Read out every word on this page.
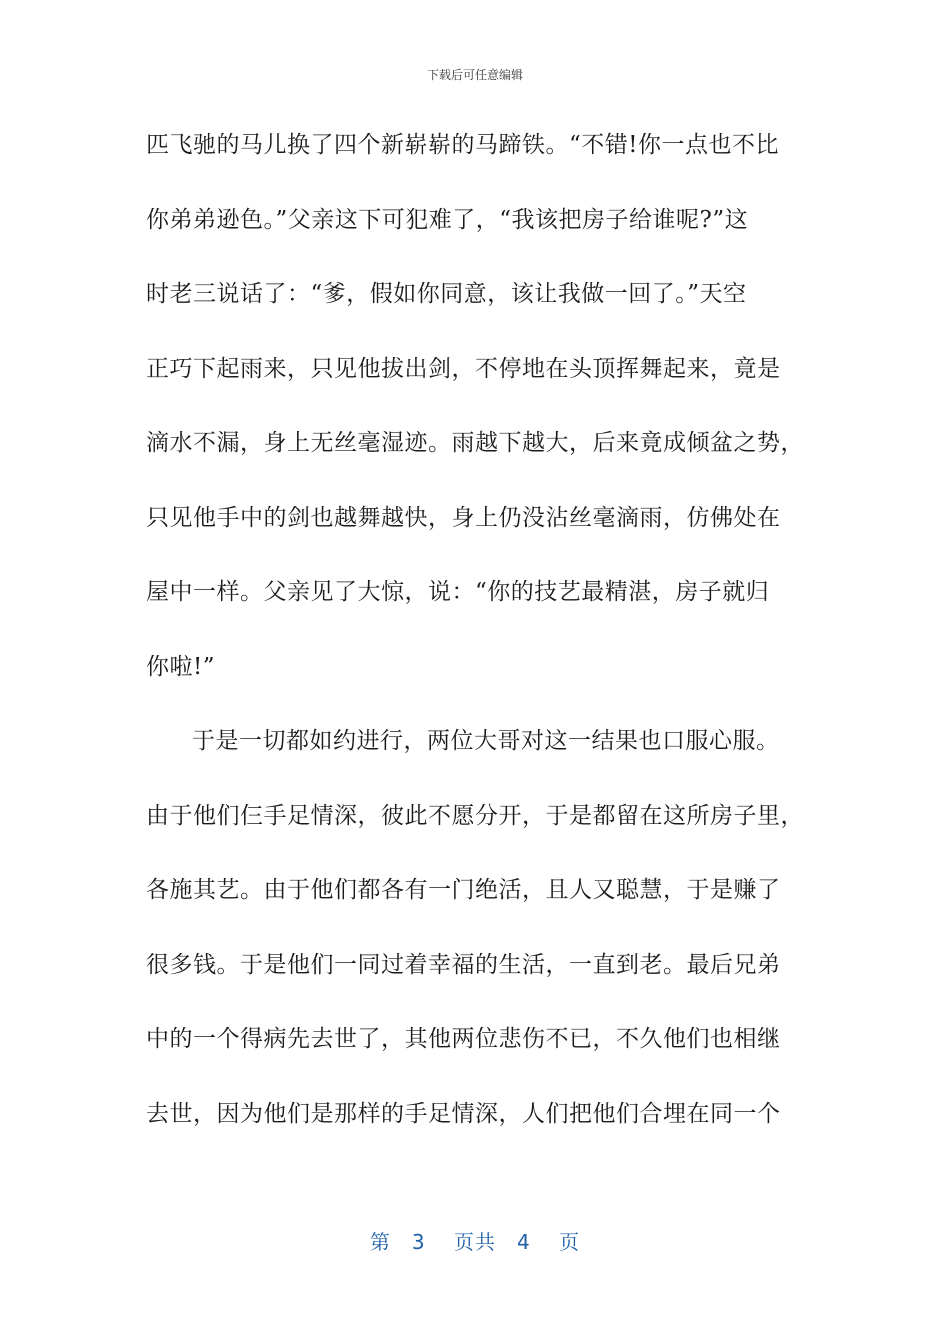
下载后可任意编辑
匹飞驰的马儿换了四个新崭崭的马蹄铁。“不错!你一点也不比
你弟弟逊色。”父亲这下可犯难了，“我该把房子给谁呢?”这
时老三说话了：“爹，假如你同意，该让我做一回了。”天空
正巧下起雨来，只见他拔出剑，不停地在头顶挥舞起来，竟是
滴水不漏，身上无丝毫湿迹。雨越下越大，后来竟成倾盆之势，
只见他手中的剑也越舞越快，身上仍没沾丝毫滴雨，仿佛处在
屋中一样。父亲见了大惊，说：“你的技艺最精湛，房子就归
你啦!”
于是一切都如约进行，两位大哥对这一结果也口服心服。
由于他们仨手足情深，彼此不愿分开，于是都留在这所房子里，
各施其艺。由于他们都各有一门绝活，且人又聪慧，于是赚了
很多钱。于是他们一同过着幸福的生活，一直到老。最后兄弟
中的一个得病先去世了，其他两位悲伤不已，不久他们也相继
去世，因为他们是那样的手足情深，人们把他们合埋在同一个
第　3　 页共　4　 页
